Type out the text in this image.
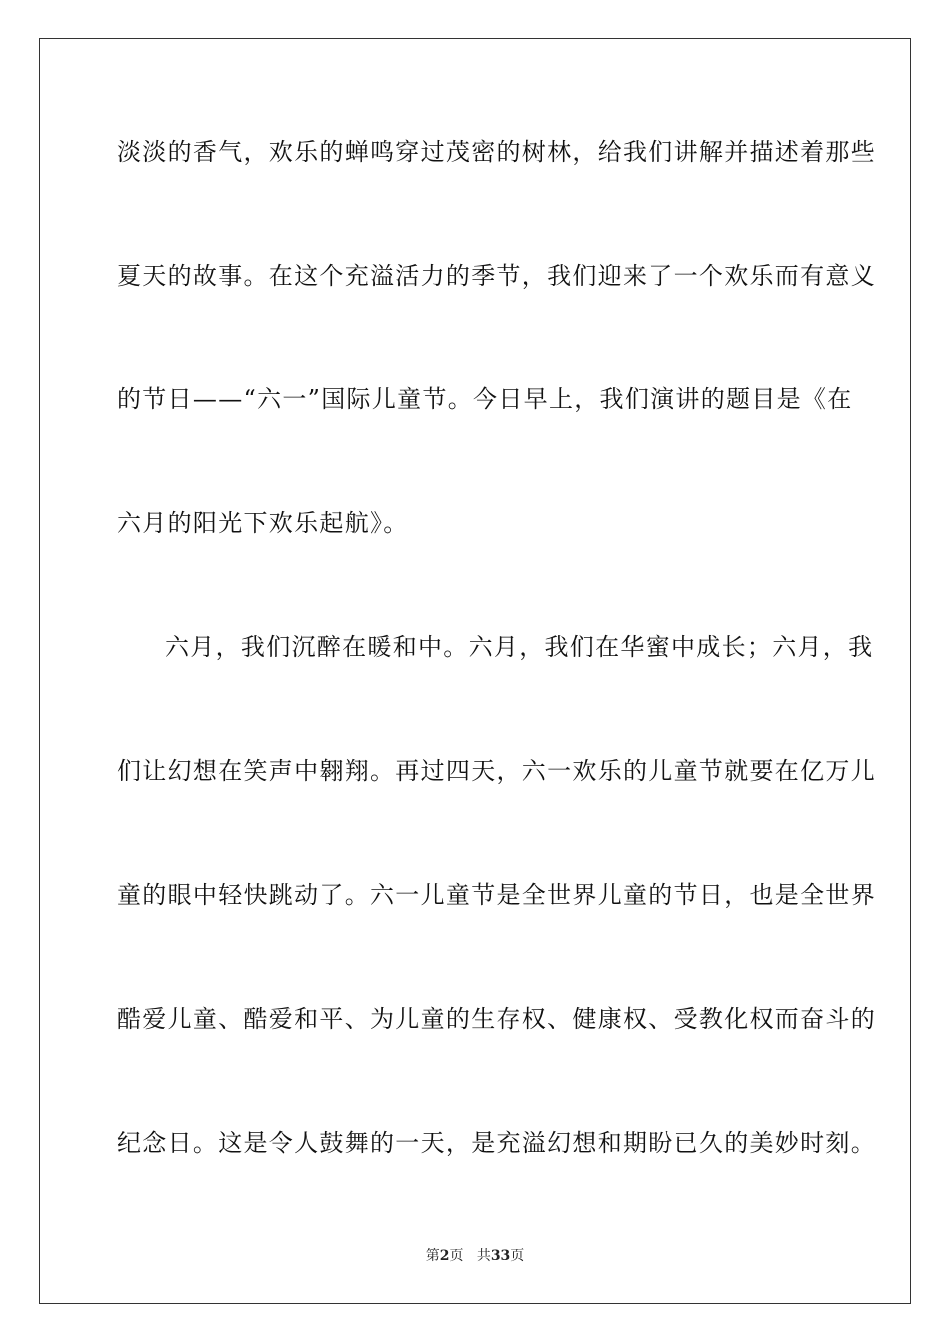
淡淡的香气，欢乐的蝉鸣穿过茂密的树林，给我们讲解并描述着那些
夏天的故事。在这个充溢活力的季节，我们迎来了一个欢乐而有意义
的节日——“六一”国际儿童节。今日早上，我们演讲的题目是《在
六月的阳光下欢乐起航》。
六月，我们沉醉在暖和中。六月，我们在华蜜中成长；六月，我
们让幻想在笑声中翱翔。再过四天，六一欢乐的儿童节就要在亿万儿
童的眼中轻快跳动了。六一儿童节是全世界儿童的节日，也是全世界
酷爱儿童、酷爱和平、为儿童的生存权、健康权、受教化权而奋斗的
纪念日。这是令人鼓舞的一天，是充溢幻想和期盼已久的美妙时刻。
第2页 共33页
